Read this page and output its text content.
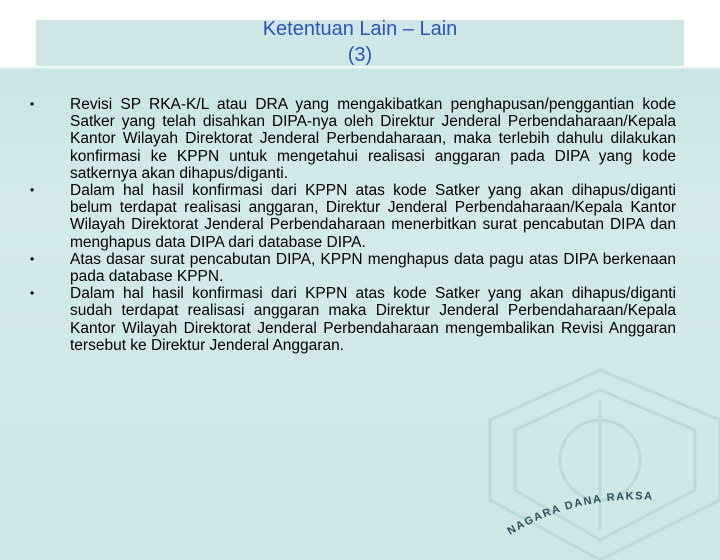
Ketentuan Lain – Lain
(3)
NAGARA DANA RAKSA
•	Revisi SP RKA-K/L atau DRA yang mengakibatkan penghapusan/penggantian kode Satker yang telah disahkan DIPA-nya oleh Direktur Jenderal Perbendaharaan/Kepala Kantor Wilayah Direktorat Jenderal Perbendaharaan, maka terlebih dahulu dilakukan konfirmasi ke KPPN untuk mengetahui realisasi anggaran pada DIPA yang kode satkernya akan dihapus/diganti.
•	Dalam hal hasil konfirmasi dari KPPN atas kode Satker yang akan dihapus/diganti belum terdapat realisasi anggaran, Direktur Jenderal Perbendaharaan/Kepala Kantor Wilayah Direktorat Jenderal Perbendaharaan menerbitkan surat pencabutan DIPA dan menghapus data DIPA dari database DIPA.
•	Atas dasar surat pencabutan DIPA, KPPN menghapus data pagu atas DIPA berkenaan pada database KPPN.
•	Dalam hal hasil konfirmasi dari KPPN atas kode Satker yang akan dihapus/diganti sudah terdapat realisasi anggaran maka Direktur Jenderal Perbendaharaan/Kepala Kantor Wilayah Direktorat Jenderal Perbendaharaan mengembalikan Revisi Anggaran tersebut ke Direktur Jenderal Anggaran.
